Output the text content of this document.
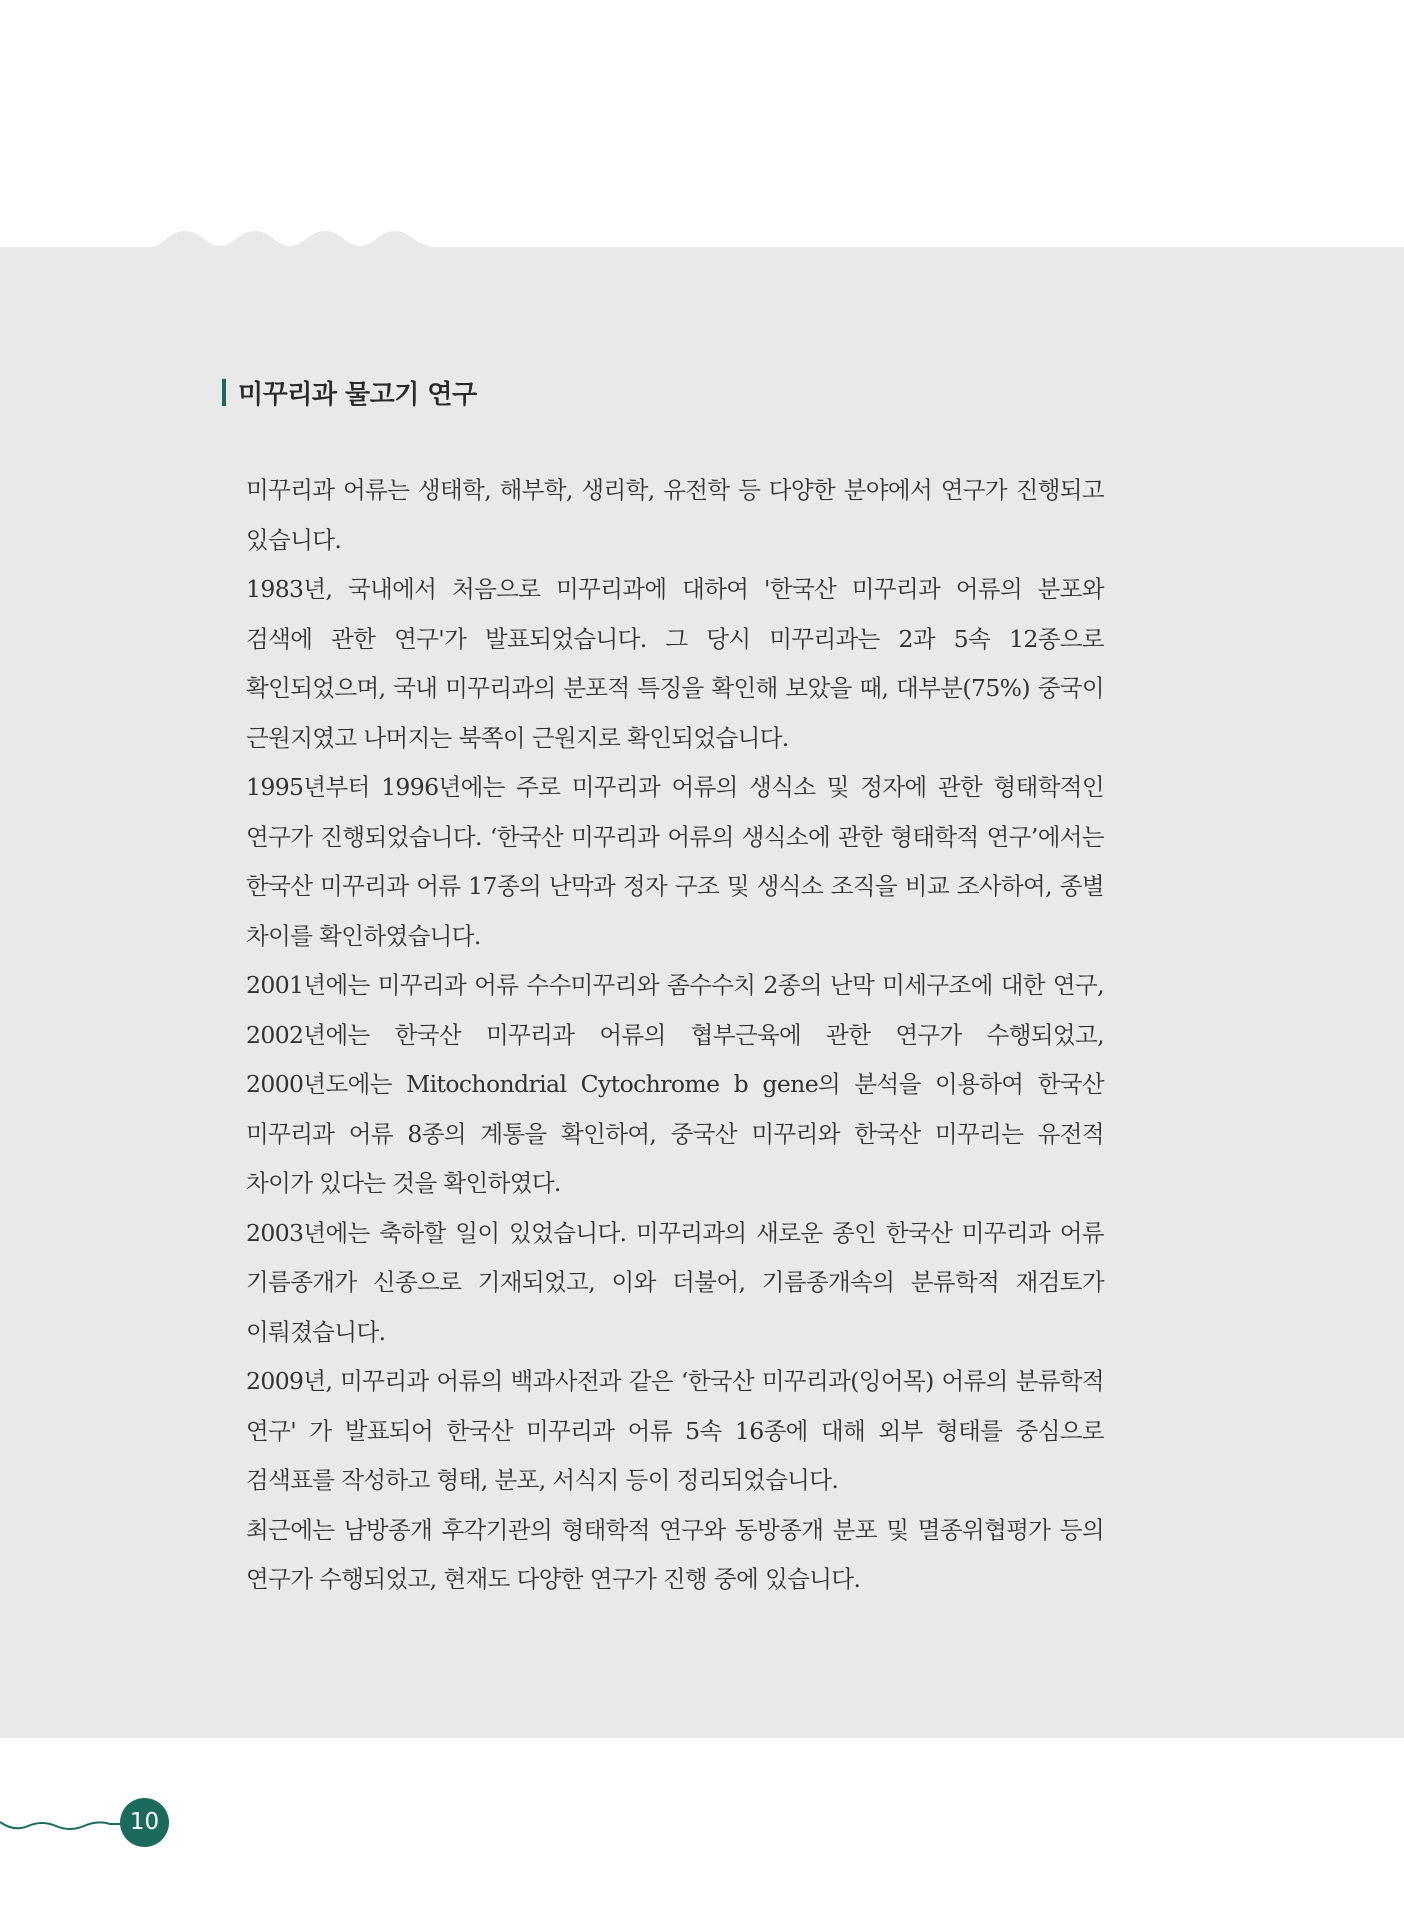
미꾸리과 물고기 연구

미꾸리과 어류는 생태학, 해부학, 생리학, 유전학 등 다양한 분야에서 연구가 진행되고 있습니다.

1983년, 국내에서 처음으로 미꾸리과에 대하여 '한국산 미꾸리과 어류의 분포와 검색에 관한 연구'가 발표되었습니다. 그 당시 미꾸리과는 2과 5속 12종으로 확인되었으며, 국내 미꾸리과의 분포적 특징을 확인해 보았을 때, 대부분(75%) 중국이 근원지였고 나머지는 북쪽이 근원지로 확인되었습니다.

1995년부터 1996년에는 주로 미꾸리과 어류의 생식소 및 정자에 관한 형태학적인 연구가 진행되었습니다. ‘한국산 미꾸리과 어류의 생식소에 관한 형태학적 연구’에서는 한국산 미꾸리과 어류 17종의 난막과 정자 구조 및 생식소 조직을 비교 조사하여, 종별 차이를 확인하였습니다.

2001년에는 미꾸리과 어류 수수미꾸리와 좀수수치 2종의 난막 미세구조에 대한 연구, 2002년에는 한국산 미꾸리과 어류의 협부근육에 관한 연구가 수행되었고, 2000년도에는 Mitochondrial Cytochrome b gene의 분석을 이용하여 한국산 미꾸리과 어류 8종의 계통을 확인하여, 중국산 미꾸리와 한국산 미꾸리는 유전적 차이가 있다는 것을 확인하였다.

2003년에는 축하할 일이 있었습니다. 미꾸리과의 새로운 종인 한국산 미꾸리과 어류 기름종개가 신종으로 기재되었고, 이와 더불어, 기름종개속의 분류학적 재검토가 이뤄졌습니다.

2009년, 미꾸리과 어류의 백과사전과 같은 ‘한국산 미꾸리과(잉어목) 어류의 분류학적 연구' 가 발표되어 한국산 미꾸리과 어류 5속 16종에 대해 외부 형태를 중심으로 검색표를 작성하고 형태, 분포, 서식지 등이 정리되었습니다.

최근에는 남방종개 후각기관의 형태학적 연구와 동방종개 분포 및 멸종위협평가 등의 연구가 수행되었고, 현재도 다양한 연구가 진행 중에 있습니다.

10
